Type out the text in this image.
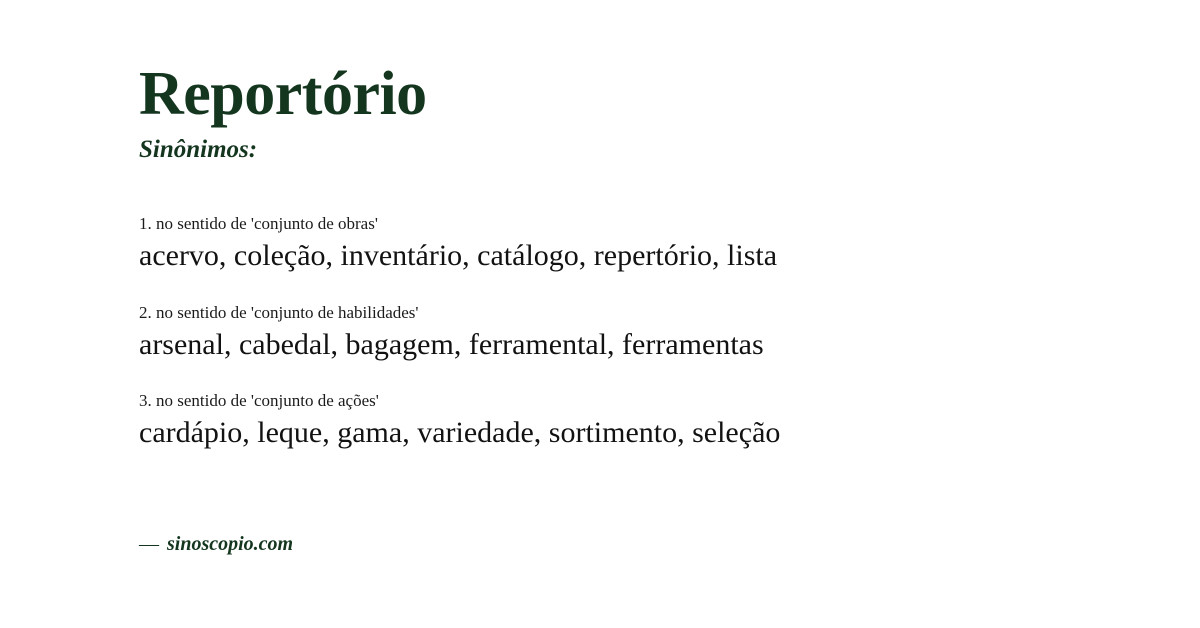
Reportório
Sinônimos:
1. no sentido de 'conjunto de obras'
acervo, coleção, inventário, catálogo, repertório, lista
2. no sentido de 'conjunto de habilidades'
arsenal, cabedal, bagagem, ferramental, ferramentas
3. no sentido de 'conjunto de ações'
cardápio, leque, gama, variedade, sortimento, seleção
— sinoscopio.com
